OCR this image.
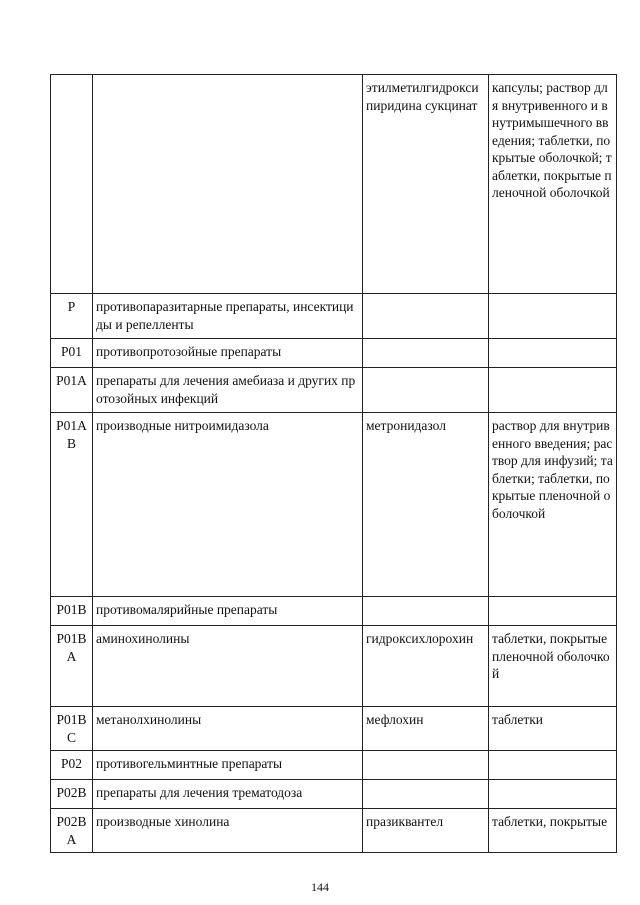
		этилметилгидроксипиридина сукцинат	капсулы; раствор для внутривенного и внутримышечного введения; таблетки, покрытые оболочкой; таблетки, покрытые пленочной оболочкой
P	противопаразитарные препараты, инсектициды и репелленты		
P01	противопротозойные препараты		
P01A	препараты для лечения амебиаза и других протозойных инфекций		
P01AB	производные нитроимидазола	метронидазол	раствор для внутривенного введения; раствор для инфузий; таблетки; таблетки, покрытые пленочной оболочкой
P01B	противомалярийные препараты		
P01BA	аминохинолины	гидроксихлорохин	таблетки, покрытые пленочной оболочкой
P01BC	метанолхинолины	мефлохин	таблетки
P02	противогельминтные препараты		
P02B	препараты для лечения трематодоза		
P02BA	производные хинолина	празиквантел	таблетки, покрытые
144
